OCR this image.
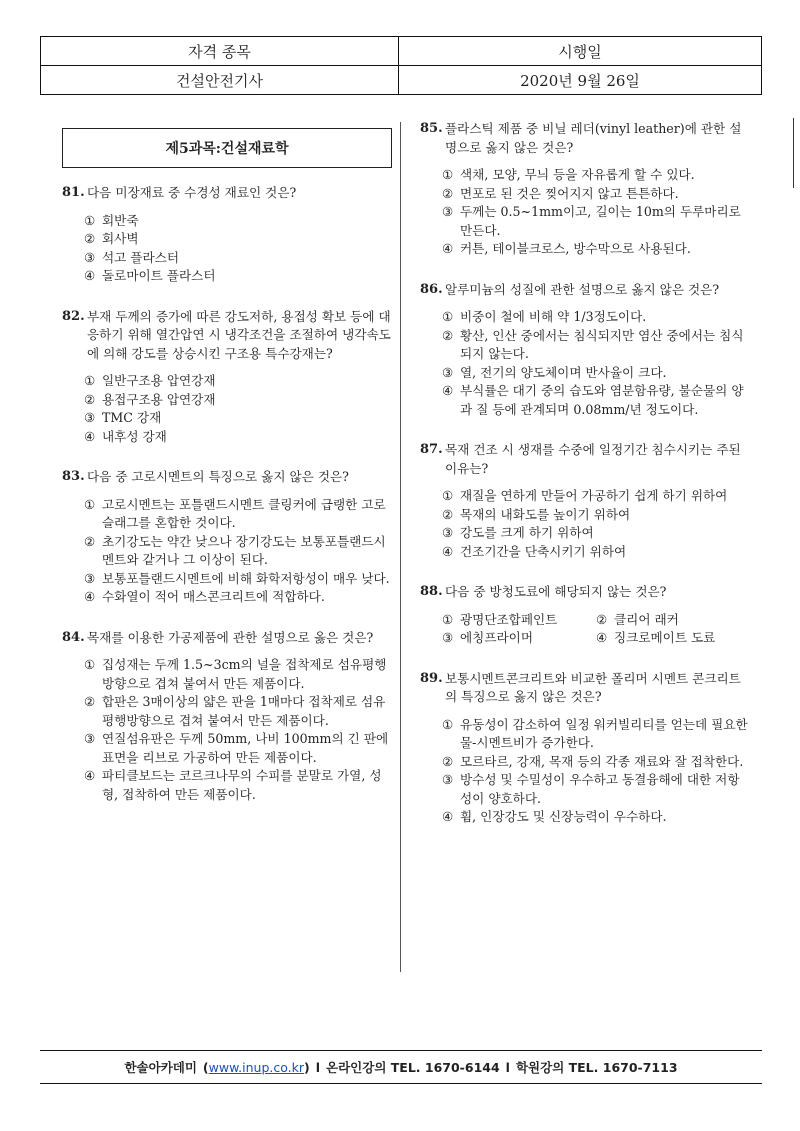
자격 종목	시행일
건설안전기사	2020년 9월 26일
제5과목:건설재료학
81. 다음 미장재료 중 수경성 재료인 것은?
① 회반죽
② 회사벽
③ 석고 플라스터
④ 돌로마이트 플라스터
82. 부재 두께의 증가에 따른 강도저하, 용접성 확보 등에 대응하기 위해 열간압연 시 냉각조건을 조절하여 냉각속도에 의해 강도를 상승시킨 구조용 특수강재는?
① 일반구조용 압연강재
② 용접구조용 압연강재
③ TMC 강재
④ 내후성 강재
83. 다음 중 고로시멘트의 특징으로 옳지 않은 것은?
① 고로시멘트는 포틀랜드시멘트 클링커에 급랭한 고로슬래그를 혼합한 것이다.
② 초기강도는 약간 낮으나 장기강도는 보통포틀랜드시멘트와 같거나 그 이상이 된다.
③ 보통포틀랜드시멘트에 비해 화학저항성이 매우 낮다.
④ 수화열이 적어 매스콘크리트에 적합하다.
84. 목재를 이용한 가공제품에 관한 설명으로 옳은 것은?
① 집성재는 두께 1.5~3cm의 널을 접착제로 섬유평행방향으로 겹쳐 붙여서 만든 제품이다.
② 합판은 3매이상의 얇은 판을 1매마다 접착제로 섬유평행방향으로 겹쳐 붙여서 만든 제품이다.
③ 연질섬유판은 두께 50mm, 나비 100mm의 긴 판에 표면을 리브로 가공하여 만든 제품이다.
④ 파티클보드는 코르크나무의 수피를 분말로 가열, 성형, 접착하여 만든 제품이다.
85. 플라스틱 제품 중 비닐 레더(vinyl leather)에 관한 설명으로 옳지 않은 것은?
① 색채, 모양, 무늬 등을 자유롭게 할 수 있다.
② 면포로 된 것은 찢어지지 않고 튼튼하다.
③ 두께는 0.5~1mm이고, 길이는 10m의 두루마리로 만든다.
④ 커튼, 테이블크로스, 방수막으로 사용된다.
86. 알루미늄의 성질에 관한 설명으로 옳지 않은 것은?
① 비중이 철에 비해 약 1/3정도이다.
② 황산, 인산 중에서는 침식되지만 염산 중에서는 침식되지 않는다.
③ 열, 전기의 양도체이며 반사율이 크다.
④ 부식률은 대기 중의 습도와 염분함유량, 불순물의 양과 질 등에 관계되며 0.08mm/년 정도이다.
87. 목재 건조 시 생재를 수중에 일정기간 침수시키는 주된 이유는?
① 재질을 연하게 만들어 가공하기 쉽게 하기 위하여
② 목재의 내화도를 높이기 위하여
③ 강도를 크게 하기 위하여
④ 건조기간을 단축시키기 위하여
88. 다음 중 방청도료에 해당되지 않는 것은?
① 광명단조합페인트	② 클리어 래커
③ 에칭프라이머	④ 징크로메이트 도료
89. 보통시멘트콘크리트와 비교한 폴리머 시멘트 콘크리트의 특징으로 옳지 않은 것은?
① 유동성이 감소하여 일정 워커빌리티를 얻는데 필요한 물-시멘트비가 증가한다.
② 모르타르, 강재, 목재 등의 각종 재료와 잘 접착한다.
③ 방수성 및 수밀성이 우수하고 동결융해에 대한 저항성이 양호하다.
④ 휨, 인장강도 및 신장능력이 우수하다.
한솔아카데미 (www.inup.co.kr) l 온라인강의 TEL. 1670-6144 l 학원강의 TEL. 1670-7113
